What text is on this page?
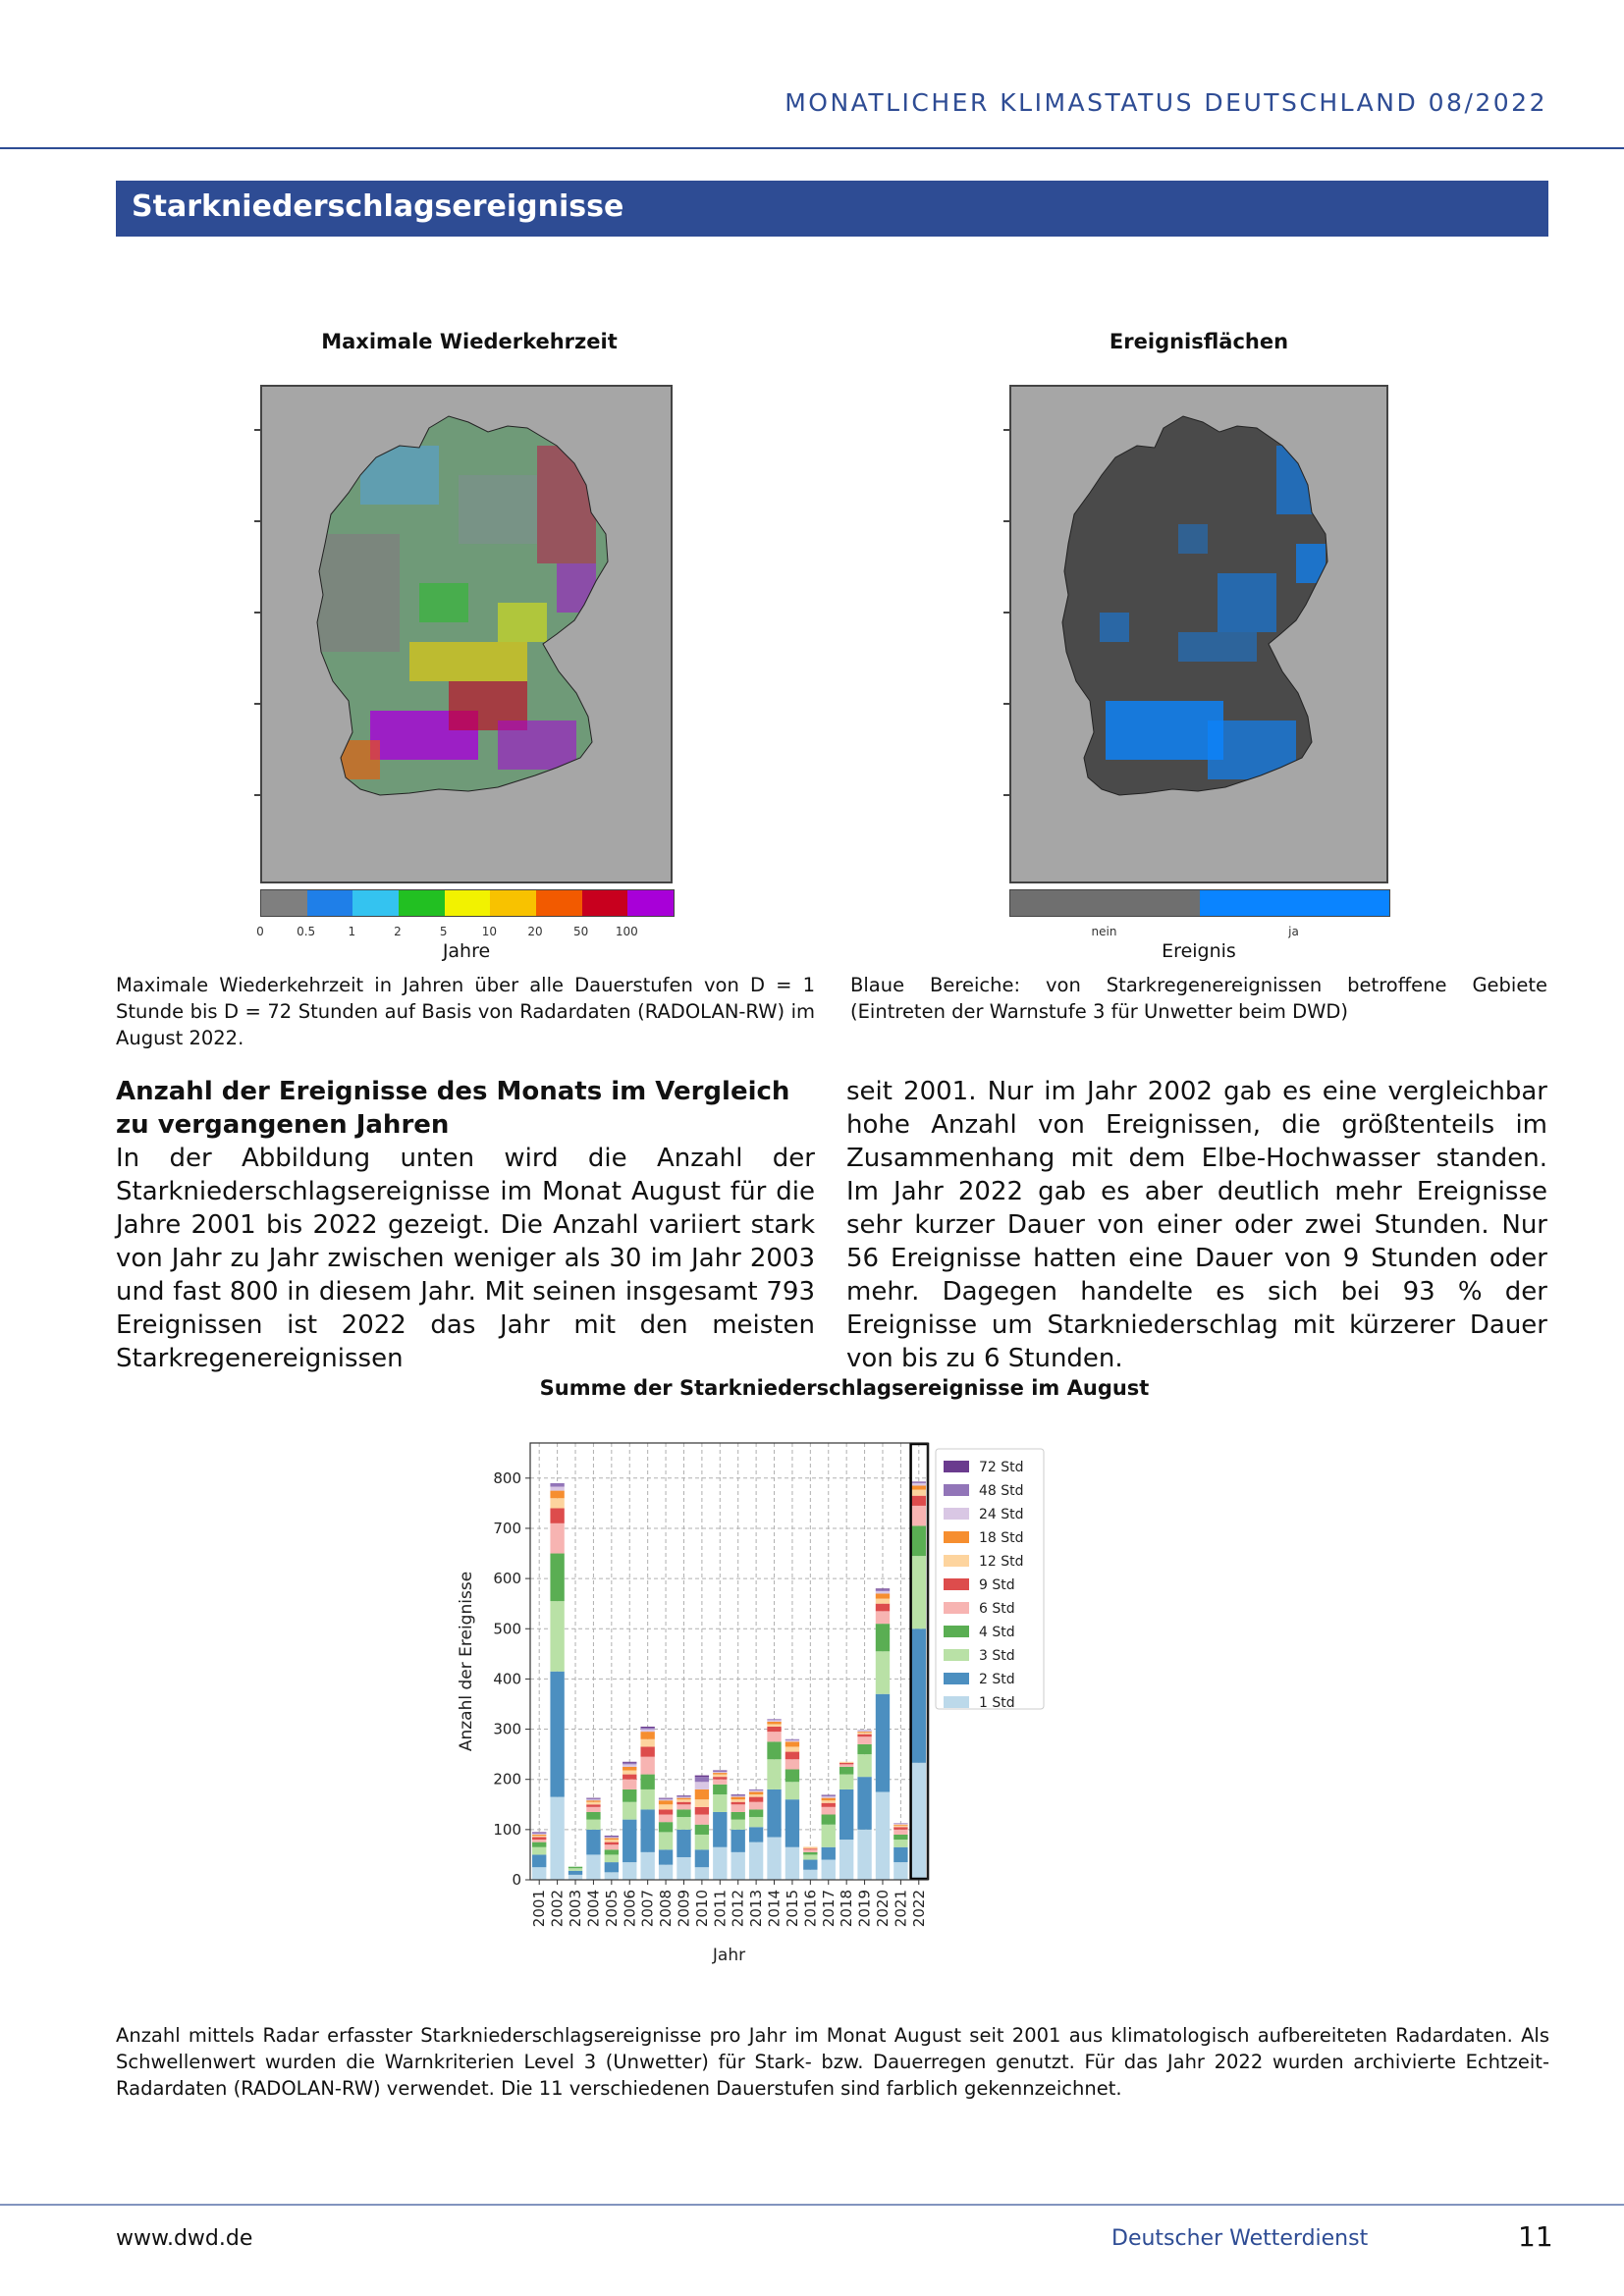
MONATLICHER KLIMASTATUS DEUTSCHLAND 08/2022
Starkniederschlagsereignisse
Maximale Wiederkehrzeit
0	0.5	1	2	5	10	20	50 100
Jahre
Maximale Wiederkehrzeit in Jahren über alle Dauerstufen von D = 1 Stunde bis D = 72 Stunden auf Basis von Radardaten (RADOLAN-RW) im August 2022.
Ereignisflächen
nein	ja
Ereignis
Blaue Bereiche: von Starkregenereignissen betroffene Gebiete (Eintreten der Warnstufe 3 für Unwetter beim DWD)
Anzahl der Ereignisse des Monats im Vergleich zu vergangenen Jahren
In der Abbildung unten wird die Anzahl der Starkniederschlagsereignisse im Monat August für die Jahre 2001 bis 2022 gezeigt. Die Anzahl variiert stark von Jahr zu Jahr zwischen weniger als 30 im Jahr 2003 und fast 800 in diesem Jahr. Mit seinen insgesamt 793 Ereignissen ist 2022 das Jahr mit den meisten Starkregenereignissen
seit 2001. Nur im Jahr 2002 gab es eine vergleichbar hohe Anzahl von Ereignissen, die größtenteils im Zusammenhang mit dem Elbe-Hochwasser standen. Im Jahr 2022 gab es aber deutlich mehr Ereignisse sehr kurzer Dauer von einer oder zwei Stunden. Nur 56 Ereignisse hatten eine Dauer von 9 Stunden oder mehr. Dagegen handelte es sich bei 93 % der Ereignisse um Starkniederschlag mit kürzerer Dauer von bis zu 6 Stunden.
Summe der Starkniederschlagsereignisse im August
0
100
200
300
400
500
600
700
800
2001 2002 2003 2004 2005 2006 2007 2008 2009 2010 2011 2012 2013 2014 2015 2016 2017 2018 2019 2020 2021 2022
Jahr
Anzahl der Ereignisse
72 Std
48 Std
24 Std
18 Std
12 Std
9 Std
6 Std
4 Std
3 Std
2 Std
1 Std
Anzahl mittels Radar erfasster Starkniederschlagsereignisse pro Jahr im Monat August seit 2001 aus klimatologisch aufbereiteten Radardaten. Als Schwellenwert wurden die Warnkriterien Level 3 (Unwetter) für Stark- bzw. Dauerregen genutzt. Für das Jahr 2022 wurden archivierte Echtzeit-Radardaten (RADOLAN-RW) verwendet. Die 11 verschiedenen Dauerstufen sind farblich gekennzeichnet.
www.dwd.de	Deutscher Wetterdienst	11
